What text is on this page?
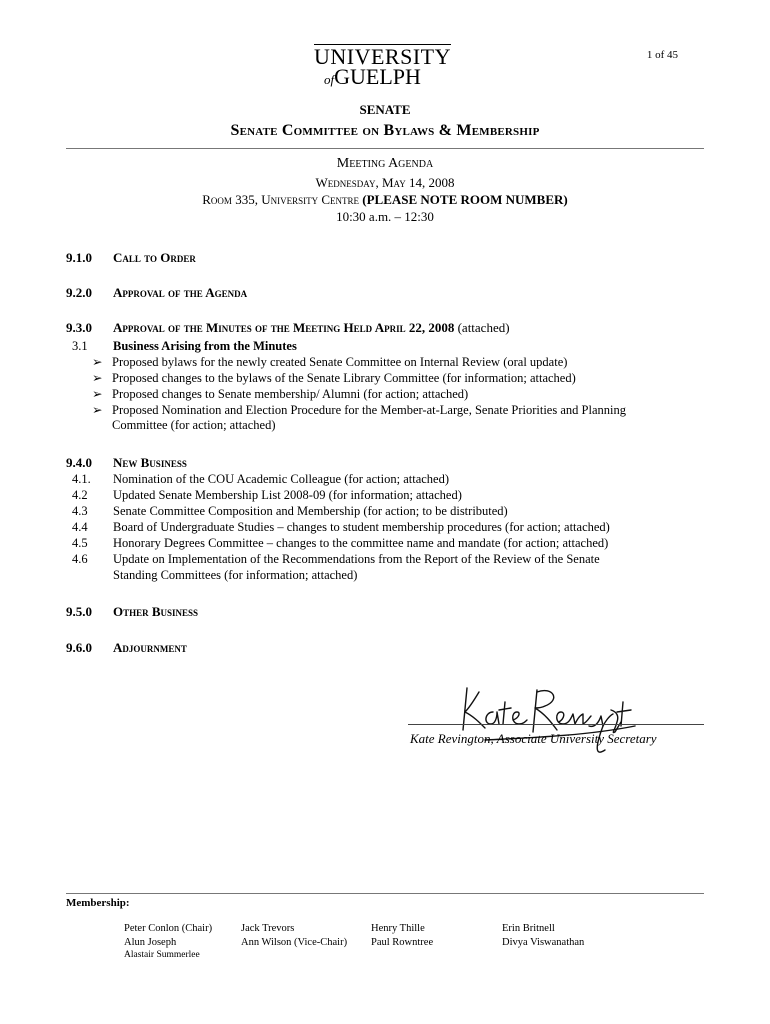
1 of 45
UNIVERSITY
ofGUELPH
SENATE
Senate Committee on Bylaws & Membership
Meeting Agenda
Wednesday, May 14, 2008
Room 335, University Centre (PLEASE NOTE ROOM NUMBER)
10:30 a.m. – 12:30
9.1.0 Call to Order
9.2.0 Approval of the Agenda
9.3.0 Approval of the Minutes of the Meeting Held April 22, 2008 (attached)
3.1 Business Arising from the Minutes
➢ Proposed bylaws for the newly created Senate Committee on Internal Review (oral update)
➢ Proposed changes to the bylaws of the Senate Library Committee (for information; attached)
➢ Proposed changes to Senate membership/ Alumni (for action; attached)
➢ Proposed Nomination and Election Procedure for the Member-at-Large, Senate Priorities and Planning
Committee (for action; attached)
9.4.0 New Business
4.1. Nomination of the COU Academic Colleague (for action; attached)
4.2 Updated Senate Membership List 2008-09 (for information; attached)
4.3 Senate Committee Composition and Membership (for action; to be distributed)
4.4 Board of Undergraduate Studies – changes to student membership procedures (for action; attached)
4.5 Honorary Degrees Committee – changes to the committee name and mandate (for action; attached)
4.6 Update on Implementation of the Recommendations from the Report of the Review of the Senate
Standing Committees (for information; attached)
9.5.0 Other Business
9.6.0 Adjournment
Kate Revington, Associate University Secretary
Membership:
Peter Conlon (Chair)
Alun Joseph
Alastair Summerlee
Jack Trevors
Ann Wilson (Vice-Chair)
Henry Thille
Paul Rowntree
Erin Britnell
Divya Viswanathan
